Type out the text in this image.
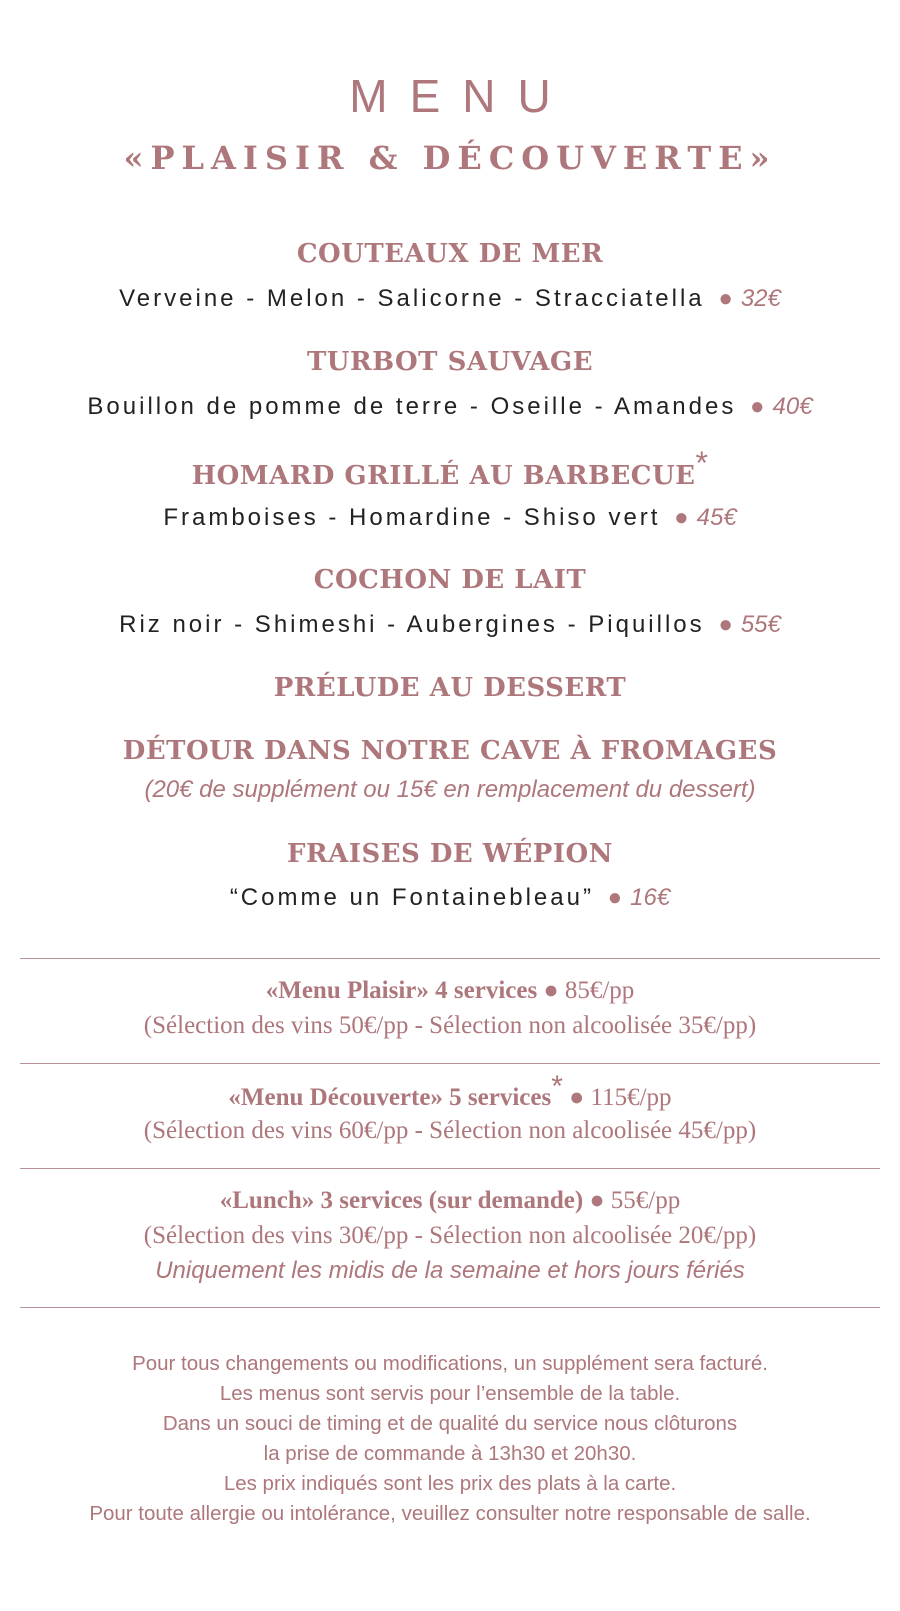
MENU
«PLAISIR & DÉCOUVERTE»
COUTEAUX DE MER
Verveine - Melon - Salicorne - Stracciatella ● 32€
TURBOT SAUVAGE
Bouillon de pomme de terre - Oseille - Amandes ● 40€
HOMARD GRILLÉ AU BARBECUE*
Framboises - Homardine - Shiso vert ● 45€
COCHON DE LAIT
Riz noir - Shimeshi - Aubergines - Piquillos ● 55€
PRÉLUDE AU DESSERT
DÉTOUR DANS NOTRE CAVE À FROMAGES
(20€ de supplément ou 15€ en remplacement du dessert)
FRAISES DE WÉPION
“Comme un Fontainebleau” ● 16€
«Menu Plaisir» 4 services ● 85€/pp
(Sélection des vins 50€/pp - Sélection non alcoolisée 35€/pp)
«Menu Découverte» 5 services* ● 115€/pp
(Sélection des vins 60€/pp - Sélection non alcoolisée 45€/pp)
«Lunch» 3 services (sur demande) ● 55€/pp
(Sélection des vins 30€/pp - Sélection non alcoolisée 20€/pp)
Uniquement les midis de la semaine et hors jours fériés
Pour tous changements ou modifications, un supplément sera facturé.
Les menus sont servis pour l’ensemble de la table.
Dans un souci de timing et de qualité du service nous clôturons
la prise de commande à 13h30 et 20h30.
Les prix indiqués sont les prix des plats à la carte.
Pour toute allergie ou intolérance, veuillez consulter notre responsable de salle.
